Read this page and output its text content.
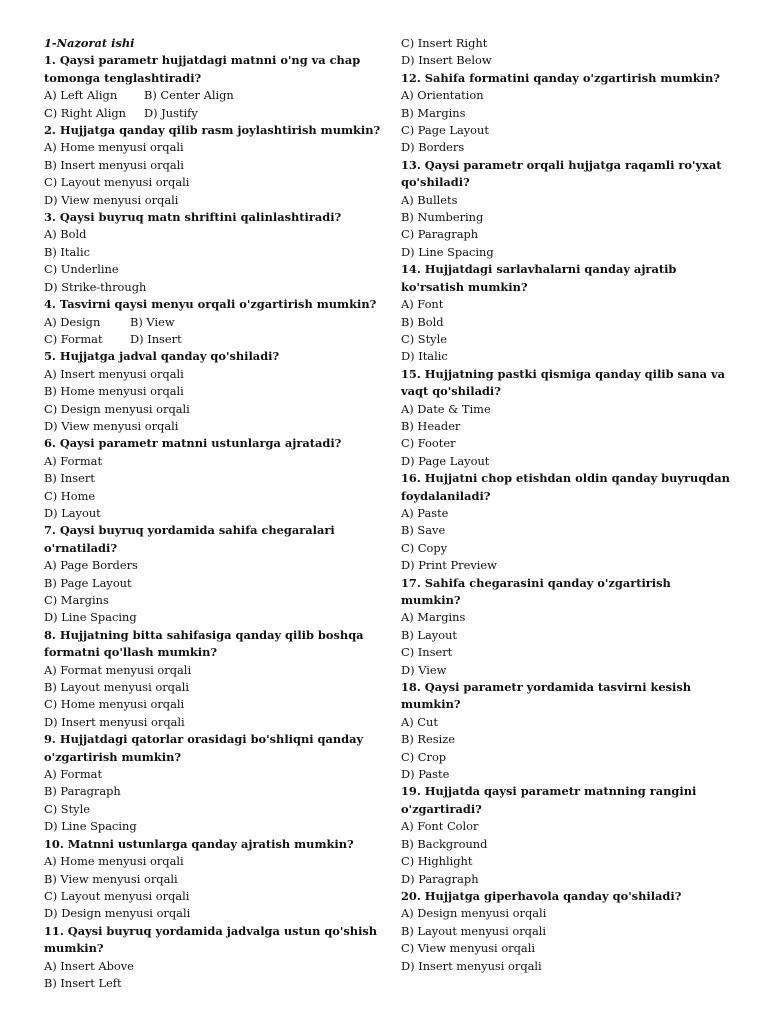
1-Nazorat ishi
1. Qaysi parametr hujjatdagi matnni o'ng va chap tomonga tenglashtiradi?
A) Left Align	B) Center Align
C) Right Align	D) Justify
2. Hujjatga qanday qilib rasm joylashtirish mumkin?
A) Home menyusi orqali
B) Insert menyusi orqali
C) Layout menyusi orqali
D) View menyusi orqali
3. Qaysi buyruq matn shriftini qalinlashtiradi?
A) Bold
B) Italic
C) Underline
D) Strike-through
4. Tasvirni qaysi menyu orqali o'zgartirish mumkin?
A) Design	B) View
C) Format	D) Insert
5. Hujjatga jadval qanday qo'shiladi?
A) Insert menyusi orqali
B) Home menyusi orqali
C) Design menyusi orqali
D) View menyusi orqali
6. Qaysi parametr matnni ustunlarga ajratadi?
A) Format
B) Insert
C) Home
D) Layout
7. Qaysi buyruq yordamida sahifa chegaralari o'rnatiladi?
A) Page Borders
B) Page Layout
C) Margins
D) Line Spacing
8. Hujjatning bitta sahifasiga qanday qilib boshqa formatni qo'llash mumkin?
A) Format menyusi orqali
B) Layout menyusi orqali
C) Home menyusi orqali
D) Insert menyusi orqali
9. Hujjatdagi qatorlar orasidagi bo'shliqni qanday o'zgartirish mumkin?
A) Format
B) Paragraph
C) Style
D) Line Spacing
10. Matnni ustunlarga qanday ajratish mumkin?
A) Home menyusi orqali
B) View menyusi orqali
C) Layout menyusi orqali
D) Design menyusi orqali
11. Qaysi buyruq yordamida jadvalga ustun qo'shish mumkin?
A) Insert Above
B) Insert Left
C) Insert Right
D) Insert Below
12. Sahifa formatini qanday o'zgartirish mumkin?
A) Orientation
B) Margins
C) Page Layout
D) Borders
13. Qaysi parametr orqali hujjatga raqamli ro'yxat qo'shiladi?
A) Bullets
B) Numbering
C) Paragraph
D) Line Spacing
14. Hujjatdagi sarlavhalarni qanday ajratib ko'rsatish mumkin?
A) Font
B) Bold
C) Style
D) Italic
15. Hujjatning pastki qismiga qanday qilib sana va vaqt qo'shiladi?
A) Date & Time
B) Header
C) Footer
D) Page Layout
16. Hujjatni chop etishdan oldin qanday buyruqdan foydalaniladi?
A) Paste
B) Save
C) Copy
D) Print Preview
17. Sahifa chegarasini qanday o'zgartirish mumkin?
A) Margins
B) Layout
C) Insert
D) View
18. Qaysi parametr yordamida tasvirni kesish mumkin?
A) Cut
B) Resize
C) Crop
D) Paste
19. Hujjatda qaysi parametr matnning rangini o'zgartiradi?
A) Font Color
B) Background
C) Highlight
D) Paragraph
20. Hujjatga giperhavola qanday qo'shiladi?
A) Design menyusi orqali
B) Layout menyusi orqali
C) View menyusi orqali
D) Insert menyusi orqali
